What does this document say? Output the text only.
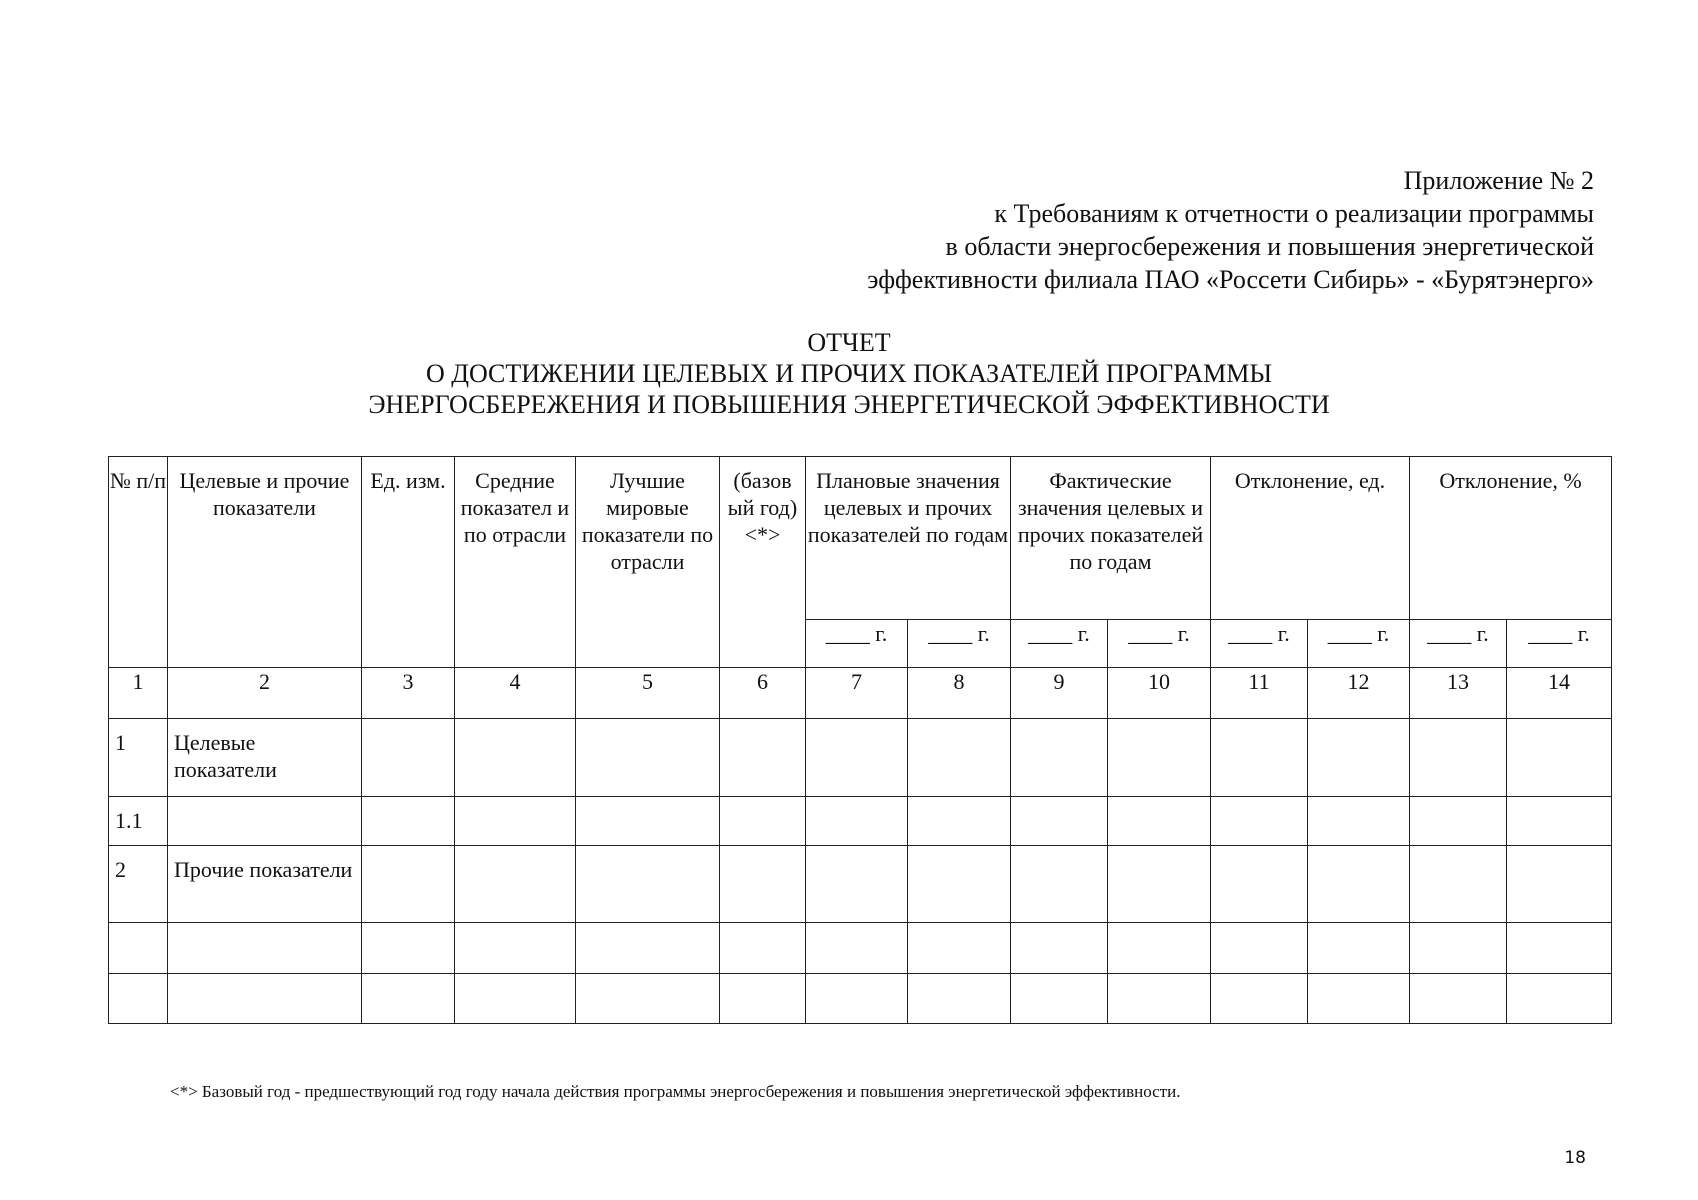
Приложение № 2
к Требованиям к отчетности о реализации программы
в области энергосбережения и повышения энергетической
эффективности филиала ПАО «Россети Сибирь» - «Бурятэнерго»
ОТЧЕТ
О ДОСТИЖЕНИИ ЦЕЛЕВЫХ И ПРОЧИХ ПОКАЗАТЕЛЕЙ ПРОГРАММЫ
ЭНЕРГОСБЕРЕЖЕНИЯ И ПОВЫШЕНИЯ ЭНЕРГЕТИЧЕСКОЙ ЭФФЕКТИВНОСТИ
№ п/п	Целевые и прочие показатели	Ед. изм.	Средние показател и по отрасли	Лучшие мировые показатели по отрасли	(базов ый год) <*>	Плановые значения целевых и прочих показателей по годам		Фактические значения целевых и прочих показателей по годам		Отклонение, ед.		Отклонение, %	
						____ г.	____ г.	____ г.	____ г.	____ г.	____ г.	____ г.	____ г.
1	2	3	4	5	6	7	8	9	10	11	12	13	14
1	Целевые показатели												
1.1													
2	Прочие показатели												

<*> Базовый год - предшествующий год году начала действия программы энергосбережения и повышения энергетической эффективности.
18
